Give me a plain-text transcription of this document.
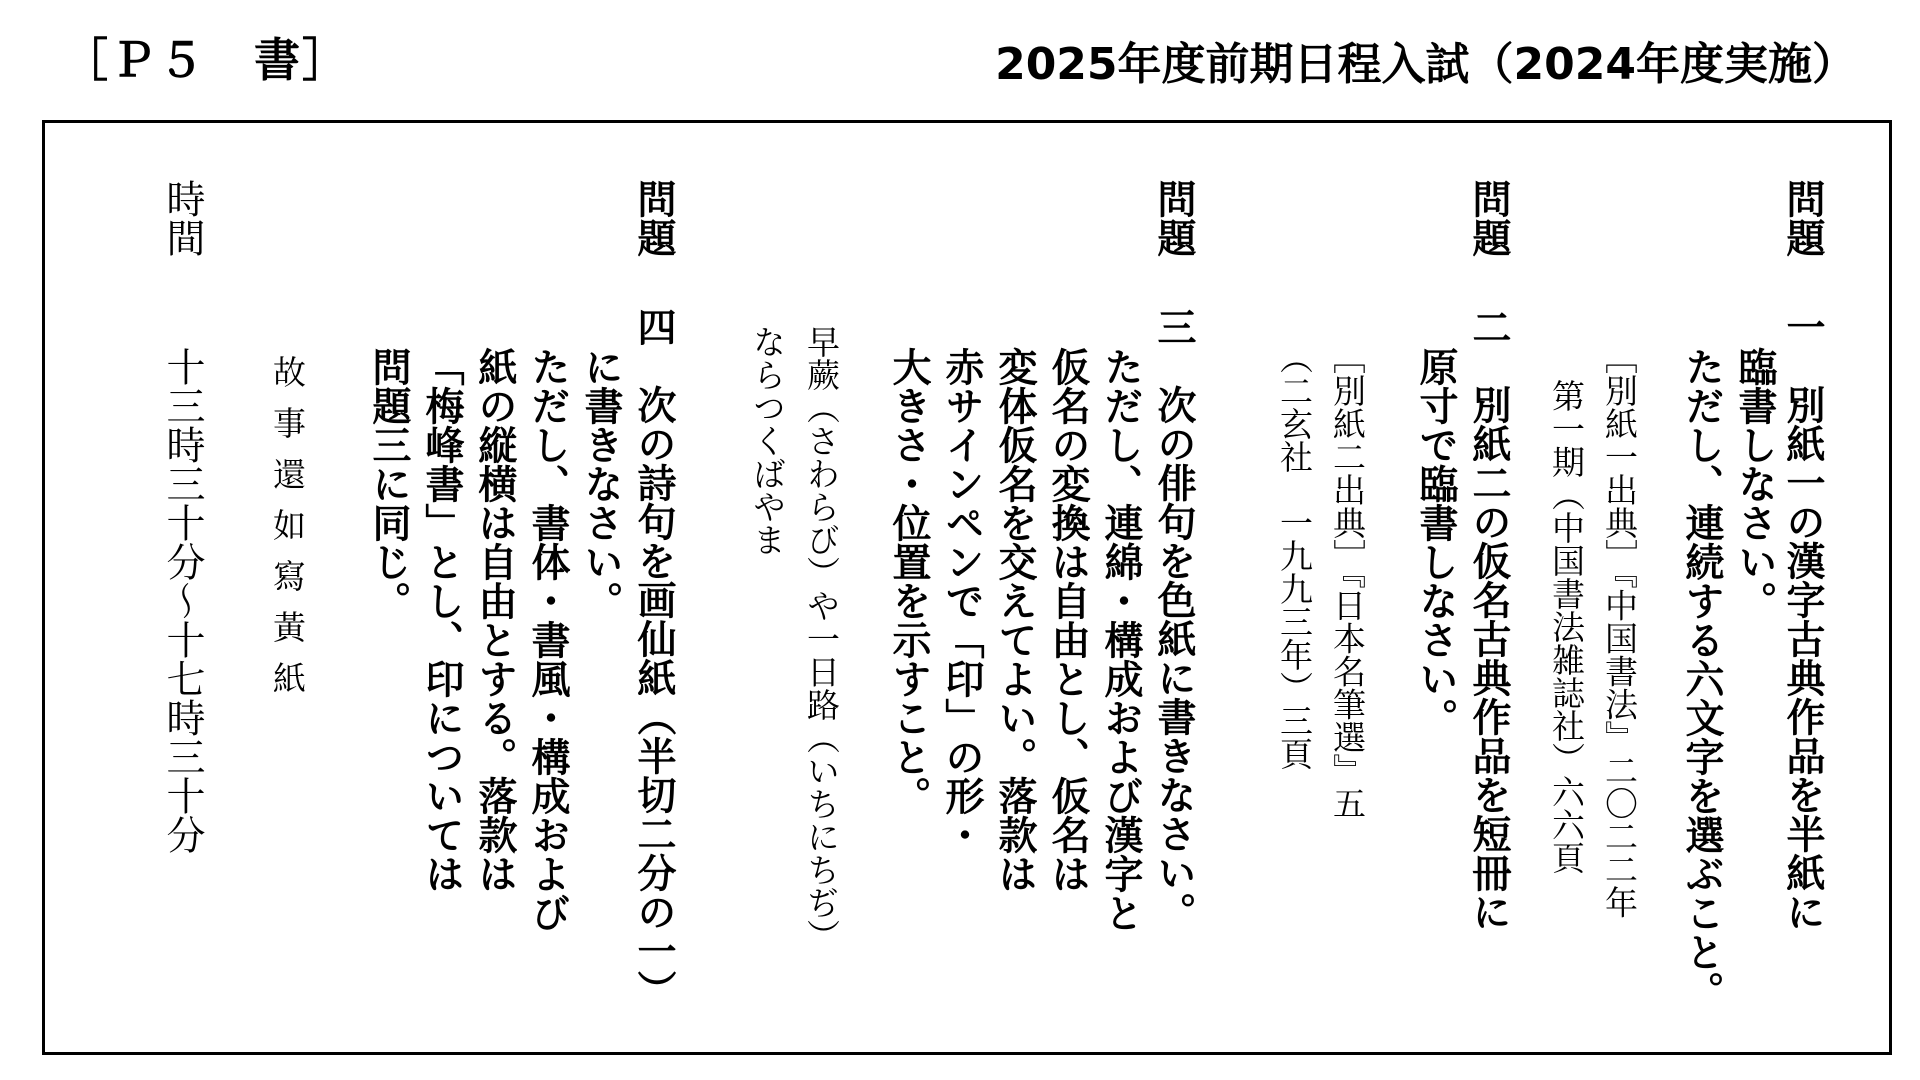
［Ｐ５　書］	2025年度前期日程入試（2024年度実施）
問題
一　別紙一の漢字古典作品を半紙に
臨書しなさい。
ただし、連続する六文字を選ぶこと。
［別紙一出典］『中国書法』二〇二二年
第一期（中国書法雑誌社）六六頁
問題
二　別紙二の仮名古典作品を短冊に
原寸で臨書しなさい。
［別紙二出典］『日本名筆選』五
（二玄社　一九九三年）三頁
問題
三　次の俳句を色紙に書きなさい。
ただし、連綿・構成および漢字と
仮名の変換は自由とし、仮名は
変体仮名を交えてよい。落款は
赤サインペンで「印」の形・
大きさ・位置を示すこと。
早蕨（さわらび）や一日路（いちにちぢ）
ならつくばやま
問題
四　次の詩句を画仙紙（半切二分の一）
に書きなさい。
ただし、書体・書風・構成および
紙の縦横は自由とする。落款は
「梅峰書」とし、印については
問題三に同じ。
故事還如寫黃紙
時間
十三時三十分～十七時三十分
